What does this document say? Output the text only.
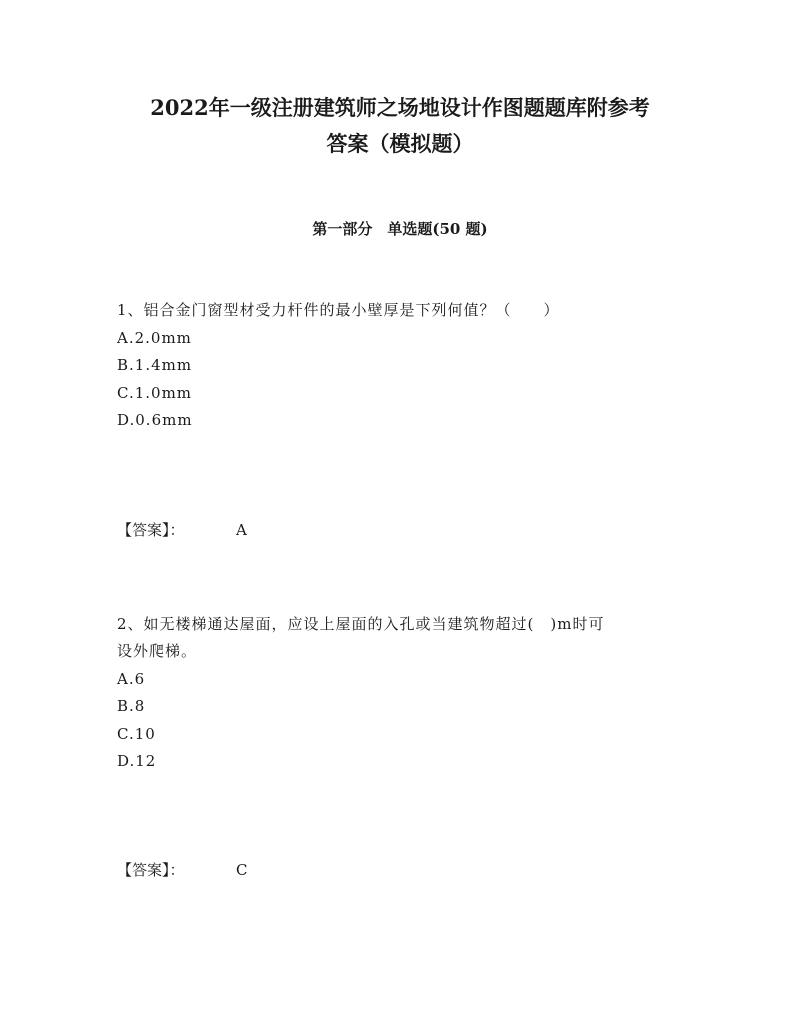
2022年一级注册建筑师之场地设计作图题题库附参考
答案（模拟题）
第一部分　单选题(50 题)
1、铝合金门窗型材受力杆件的最小壁厚是下列何值？（　　）
A.2.0mm
B.1.4mm
C.1.0mm
D.0.6mm
【答案】：	A
2、如无楼梯通达屋面，应设上屋面的入孔或当建筑物超过(　)m时可
设外爬梯。
A.6
B.8
C.10
D.12
【答案】：	C
